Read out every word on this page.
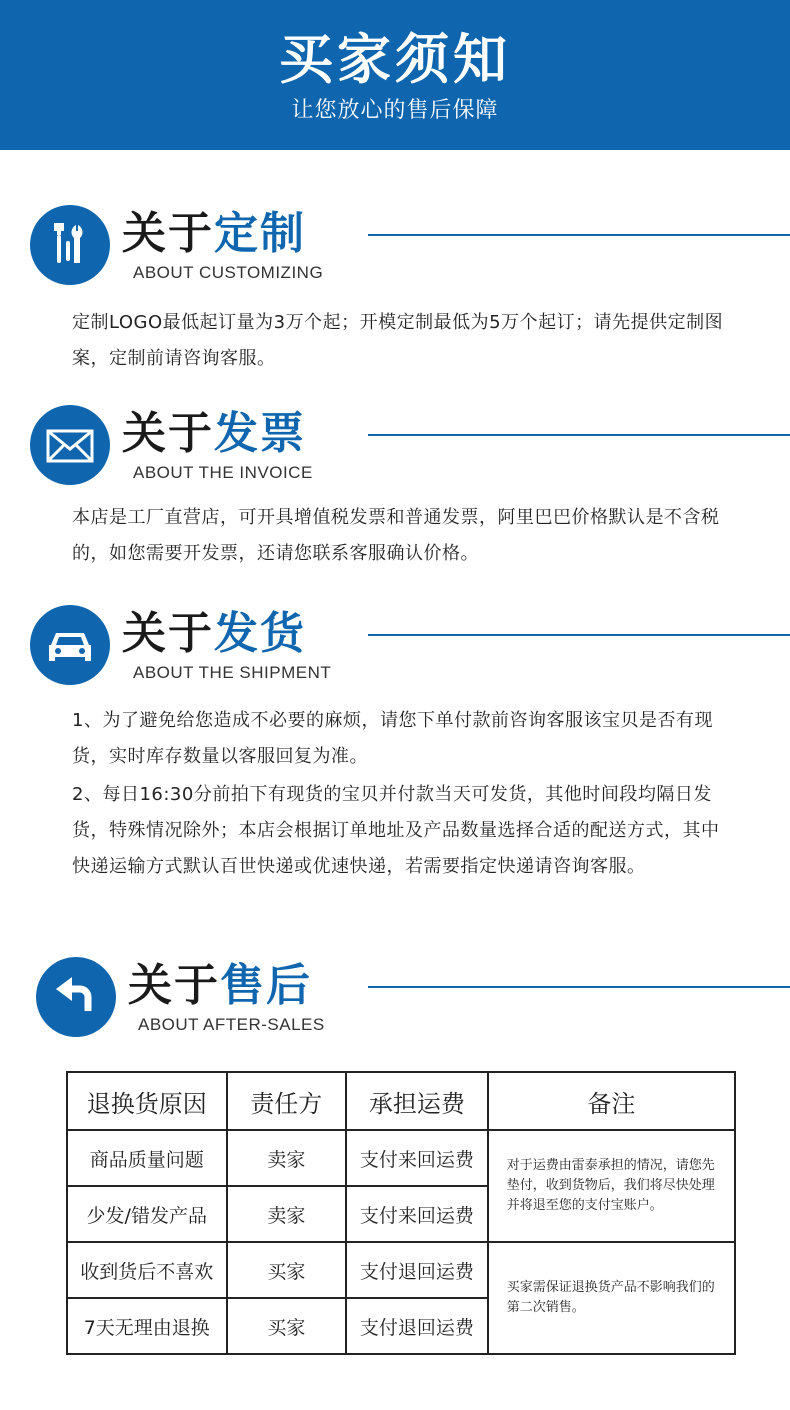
买家须知
让您放心的售后保障
关于定制
ABOUT CUSTOMIZING
定制LOGO最低起订量为3万个起；开模定制最低为5万个起订；请先提供定制图案，定制前请咨询客服。
关于发票
ABOUT THE INVOICE
本店是工厂直营店，可开具增值税发票和普通发票，阿里巴巴价格默认是不含税的，如您需要开发票，还请您联系客服确认价格。
关于发货
ABOUT THE SHIPMENT
1、为了避免给您造成不必要的麻烦，请您下单付款前咨询客服该宝贝是否有现货，实时库存数量以客服回复为准。
2、每日16:30分前拍下有现货的宝贝并付款当天可发货，其他时间段均隔日发货，特殊情况除外；本店会根据订单地址及产品数量选择合适的配送方式，其中快递运输方式默认百世快递或优速快递，若需要指定快递请咨询客服。
关于售后
ABOUT AFTER-SALES
退换货原因	责任方	承担运费	备注
商品质量问题	卖家	支付来回运费	对于运费由雷泰承担的情况，请您先垫付，收到货物后，我们将尽快处理并将退至您的支付宝账户。
少发/错发产品	卖家	支付来回运费	
收到货后不喜欢	买家	支付退回运费	买家需保证退换货产品不影响我们的第二次销售。
7天无理由退换	买家	支付退回运费	
